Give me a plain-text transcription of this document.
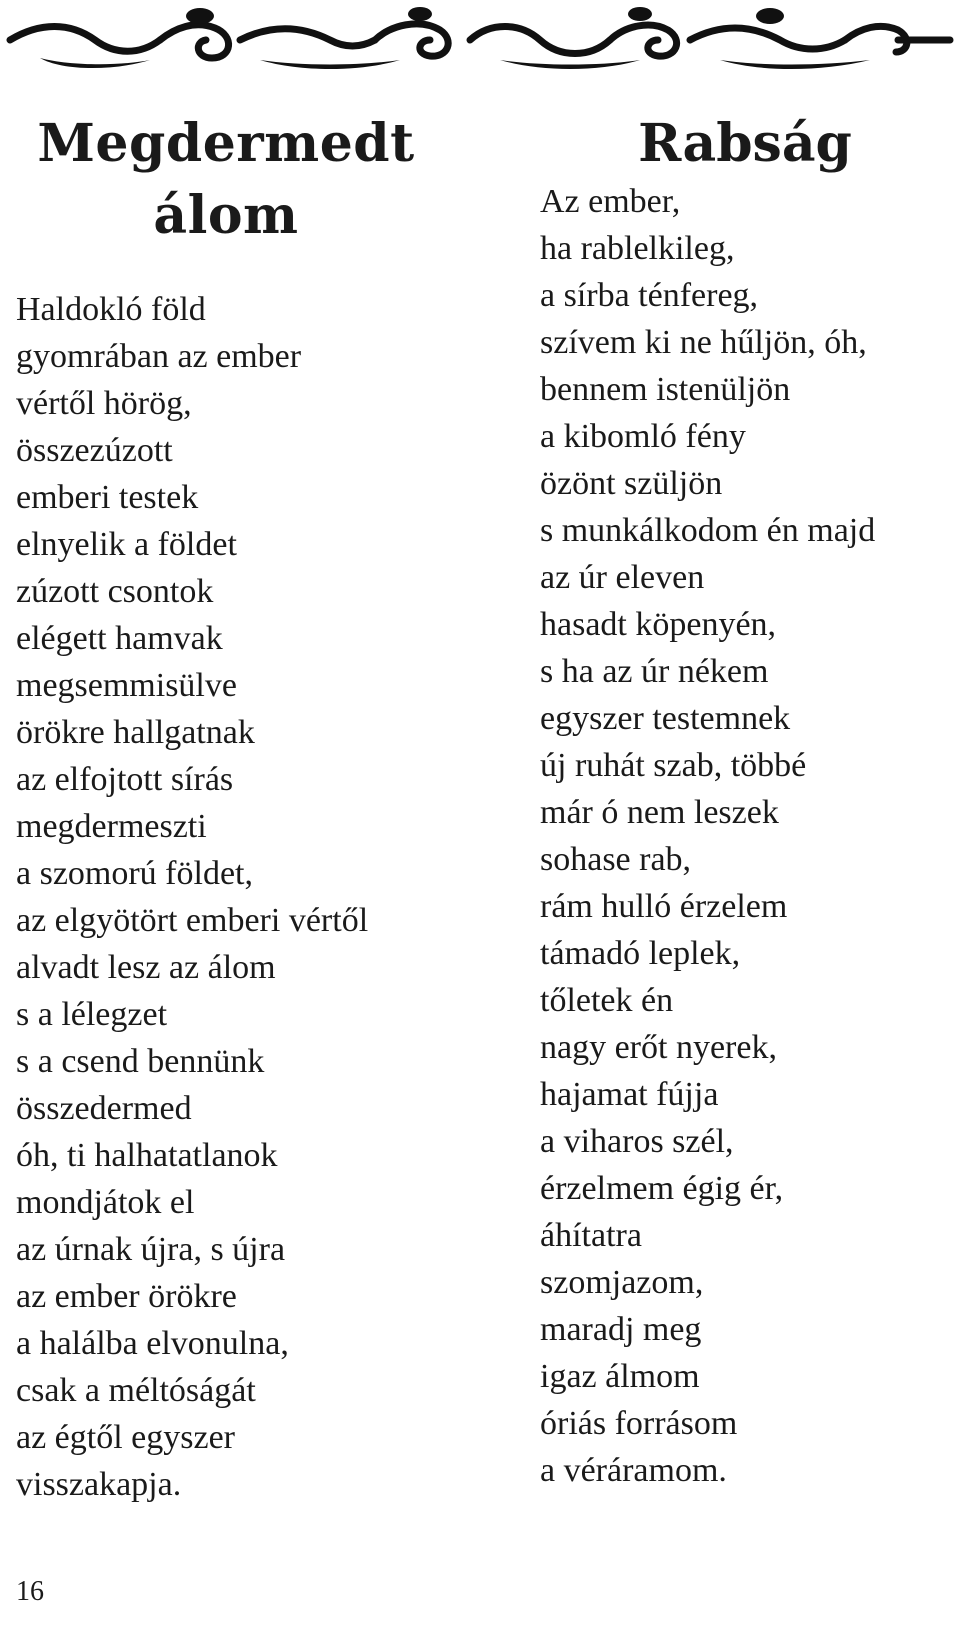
Megdermedt
álom
Haldokló föld
gyomrában az ember
vértől hörög,
összezúzott
emberi testek
elnyelik a földet
zúzott csontok
elégett hamvak
megsemmisülve
örökre hallgatnak
az elfojtott sírás
megdermeszti
a szomorú földet,
az elgyötört emberi vértől
alvadt lesz az álom
s a lélegzet
s a csend bennünk
összedermed
óh, ti halhatatlanok
mondjátok el
az úrnak újra, s újra
az ember örökre
a halálba elvonulna,
csak a méltóságát
az égtől egyszer
visszakapja.
Rabság
Az ember,
ha rablelkileg,
a sírba ténfereg,
szívem ki ne hűljön, óh,
bennem istenüljön
a kibomló fény
özönt szüljön
s munkálkodom én majd
az úr eleven
hasadt köpenyén,
s ha az úr nékem
egyszer testemnek
új ruhát szab, többé
már ó nem leszek
sohase rab,
rám hulló érzelem
támadó leplek,
tőletek én
nagy erőt nyerek,
hajamat fújja
a viharos szél,
érzelmem égig ér,
áhítatra
szomjazom,
maradj meg
igaz álmom
óriás forrásom
a véráramom.
16
